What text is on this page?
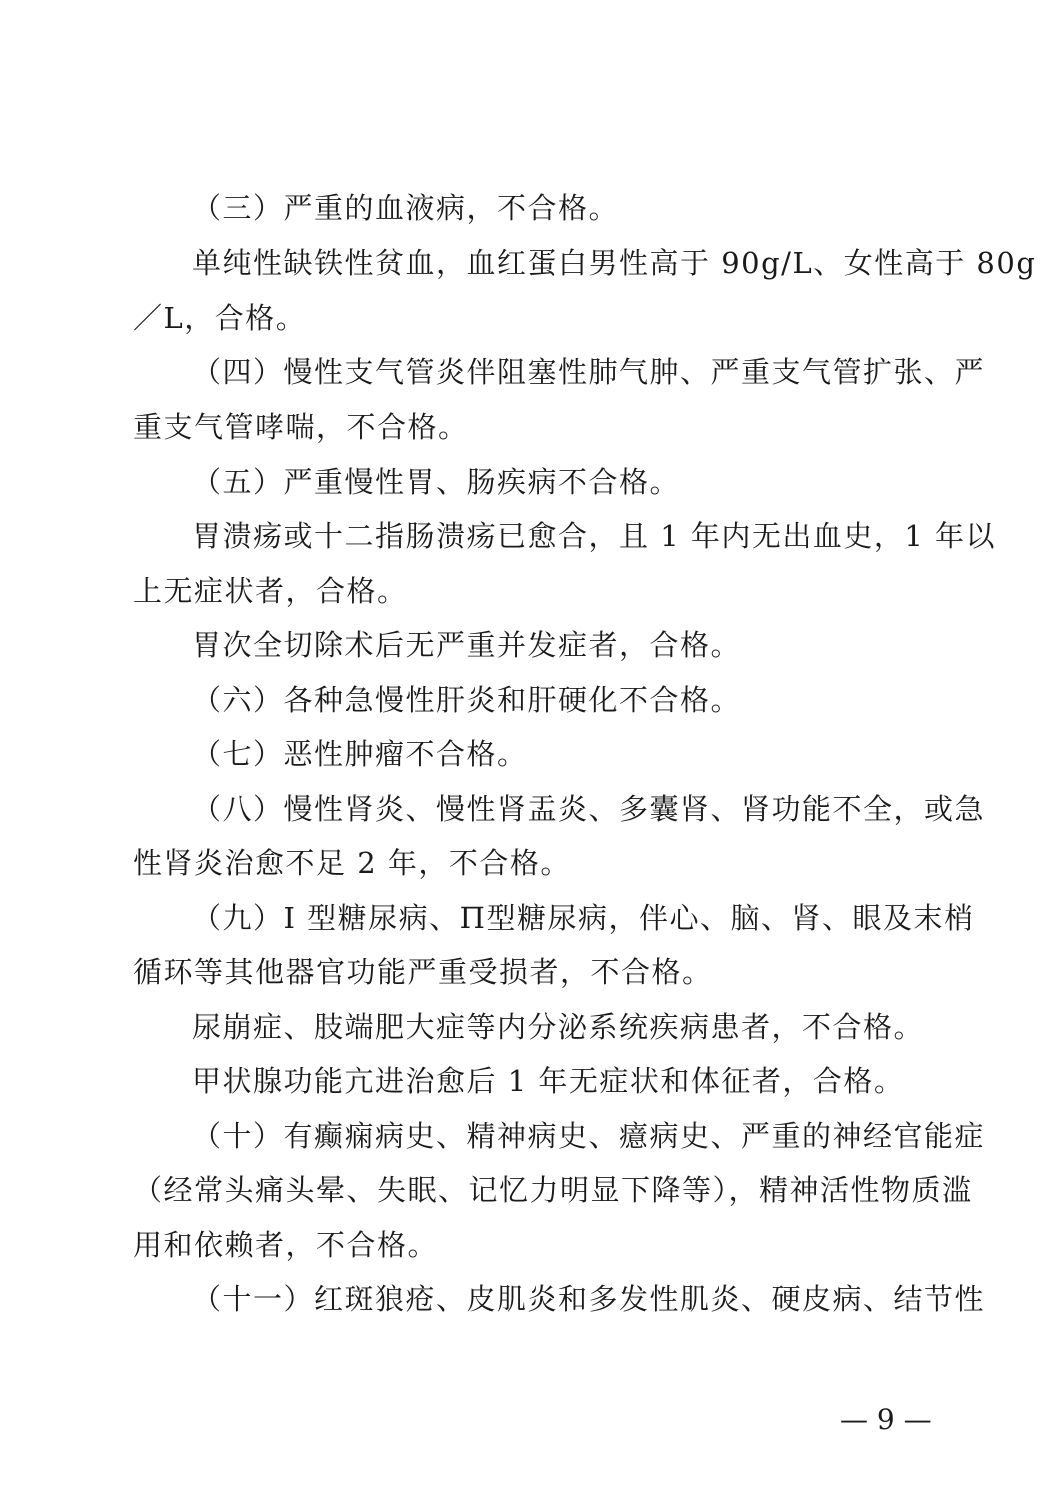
（三）严重的血液病，不合格。
单纯性缺铁性贫血，血红蛋白男性高于 90g/L、女性高于 80g
／L，合格。
（四）慢性支气管炎伴阻塞性肺气肿、严重支气管扩张、严
重支气管哮喘，不合格。
（五）严重慢性胃、肠疾病不合格。
胃溃疡或十二指肠溃疡已愈合，且 1 年内无出血史，1 年以
上无症状者，合格。
胃次全切除术后无严重并发症者，合格。
（六）各种急慢性肝炎和肝硬化不合格。
（七）恶性肿瘤不合格。
（八）慢性肾炎、慢性肾盂炎、多囊肾、肾功能不全，或急
性肾炎治愈不足 2 年，不合格。
（九）I 型糖尿病、Π型糖尿病，伴心、脑、肾、眼及末梢
循环等其他器官功能严重受损者，不合格。
尿崩症、肢端肥大症等内分泌系统疾病患者，不合格。
甲状腺功能亢进治愈后 1 年无症状和体征者，合格。
（十）有癫痫病史、精神病史、癔病史、严重的神经官能症
（经常头痛头晕、失眠、记忆力明显下降等），精神活性物质滥
用和依赖者，不合格。
（十一）红斑狼疮、皮肌炎和多发性肌炎、硬皮病、结节性
— 9 —
